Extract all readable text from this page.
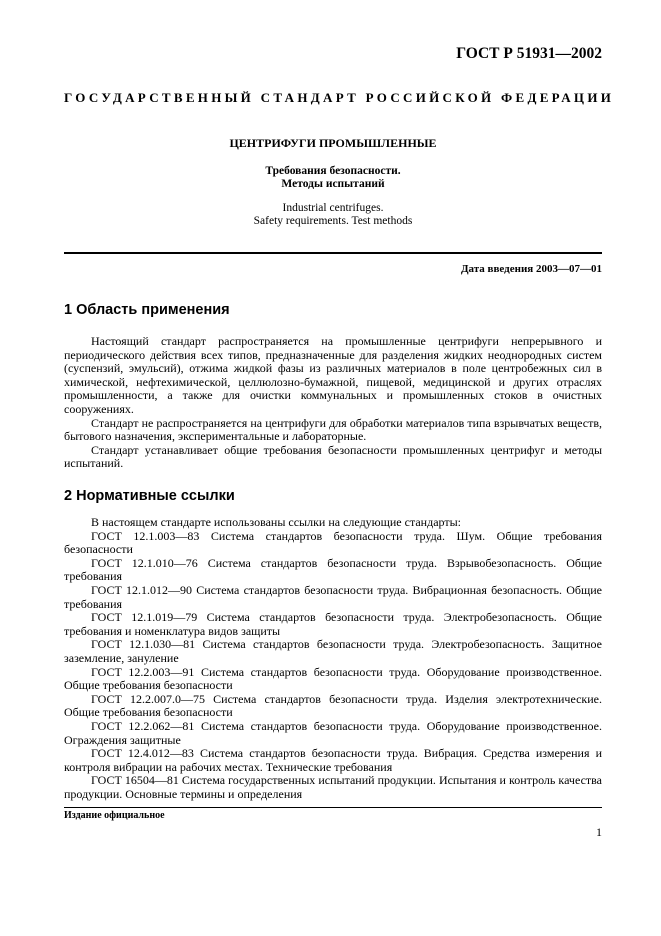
ГОСТ Р 51931—2002
ГОСУДАРСТВЕННЫЙ СТАНДАРТ РОССИЙСКОЙ ФЕДЕРАЦИИ
ЦЕНТРИФУГИ ПРОМЫШЛЕННЫЕ
Требования безопасности.
Методы испытаний
Industrial centrifuges.
Safety requirements. Test methods
Дата введения 2003—07—01
1 Область применения

Настоящий стандарт распространяется на промышленные центрифуги непрерывного и периодического действия всех типов, предназначенные для разделения жидких неоднородных систем (суспензий, эмульсий), отжима жидкой фазы из различных материалов в поле центробежных сил в химической, нефтехимической, целлюлозно-бумажной, пищевой, медицинской и других отраслях промышленности, а также для очистки коммунальных и промышленных стоков в очистных сооружениях.

Стандарт не распространяется на центрифуги для обработки материалов типа взрывчатых веществ, бытового назначения, экспериментальные и лабораторные.

Стандарт устанавливает общие требования безопасности промышленных центрифуг и методы испытаний.

2 Нормативные ссылки

В настоящем стандарте использованы ссылки на следующие стандарты:

ГОСТ 12.1.003—83 Система стандартов безопасности труда. Шум. Общие требования безопасности

ГОСТ 12.1.010—76 Система стандартов безопасности труда. Взрывобезопасность. Общие требования

ГОСТ 12.1.012—90 Система стандартов безопасности труда. Вибрационная безопасность. Общие требования

ГОСТ 12.1.019—79 Система стандартов безопасности труда. Электробезопасность. Общие требования и номенклатура видов защиты

ГОСТ 12.1.030—81 Система стандартов безопасности труда. Электробезопасность. Защитное заземление, зануление

ГОСТ 12.2.003—91 Система стандартов безопасности труда. Оборудование производственное. Общие требования безопасности

ГОСТ 12.2.007.0—75 Система стандартов безопасности труда. Изделия электротехнические. Общие требования безопасности

ГОСТ 12.2.062—81 Система стандартов безопасности труда. Оборудование производственное. Ограждения защитные

ГОСТ 12.4.012—83 Система стандартов безопасности труда. Вибрация. Средства измерения и контроля вибрации на рабочих местах. Технические требования

ГОСТ 16504—81 Система государственных испытаний продукции. Испытания и контроль качества продукции. Основные термины и определения

Издание официальное
1
